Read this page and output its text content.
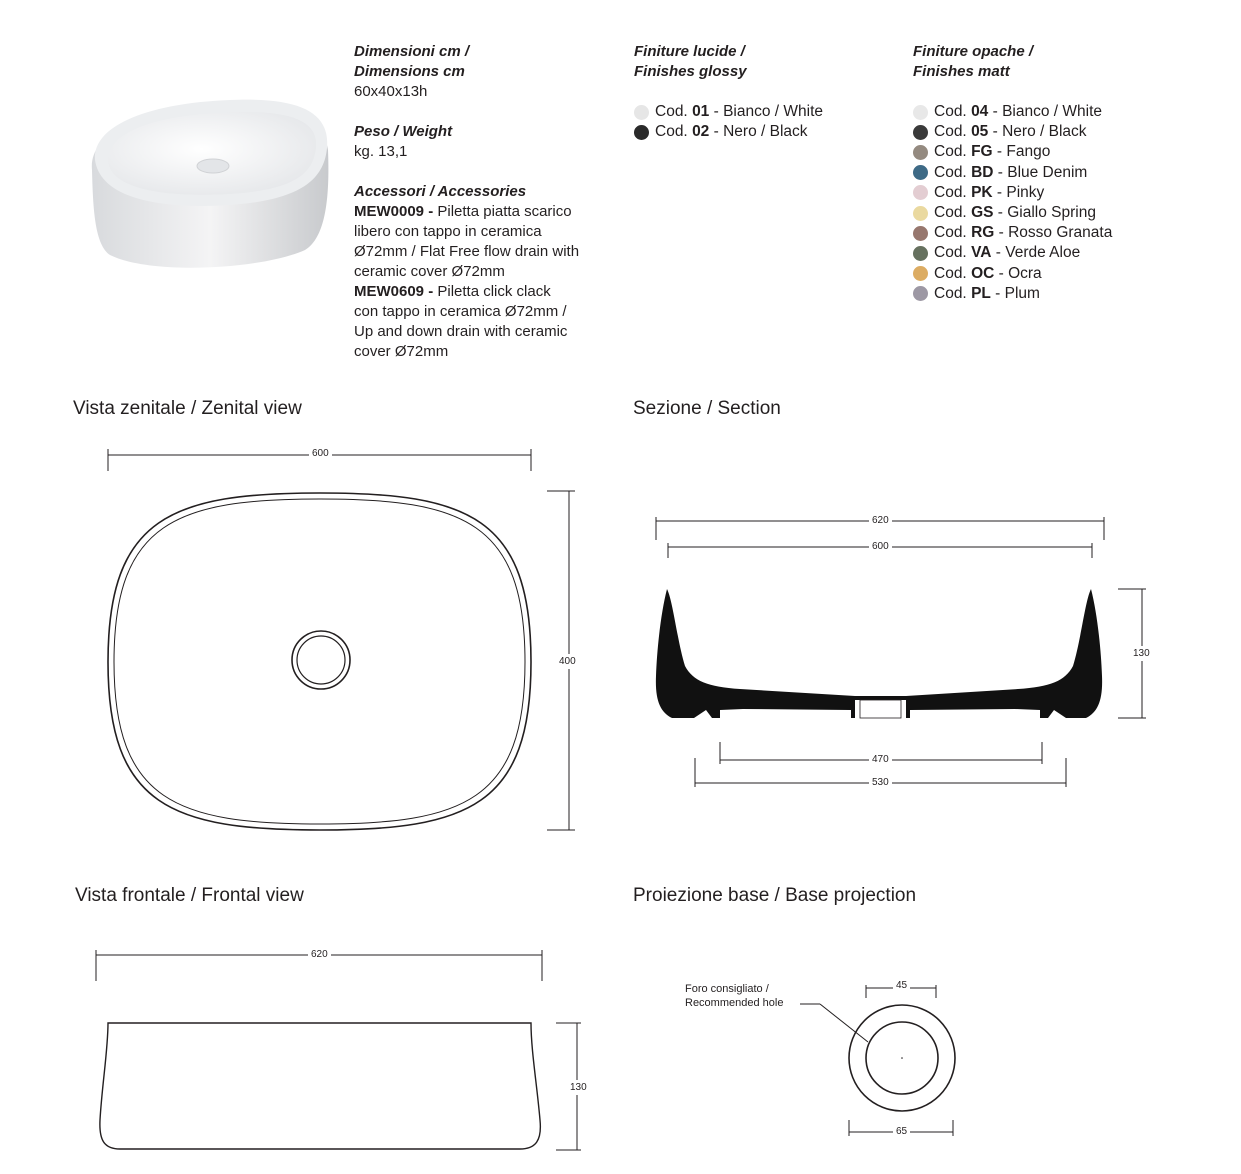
Dimensioni cm /
Dimensions cm
60x40x13h
Peso / Weight
kg. 13,1
Accessori / Accessories
MEW0009 - Piletta piatta scarico
libero con tappo in ceramica
Ø72mm / Flat Free flow drain with
ceramic cover Ø72mm
MEW0609 - Piletta click clack
con tappo in ceramica Ø72mm /
Up and down drain with ceramic
cover Ø72mm
Finiture lucide /
Finishes glossy
Cod.
01 - Bianco / White
Cod.
02 - Nero / Black
Finiture opache /
Finishes matt
Cod.
04 - Bianco / White
Cod.
05 - Nero / Black
Cod.
FG - Fango
Cod.
BD - Blue Denim
Cod.
PK - Pinky
Cod.
GS - Giallo Spring
Cod.
RG - Rosso Granata
Cod.
VA - Verde Aloe
Cod.
OC - Ocra
Cod.
PL - Plum
Vista zenitale / Zenital view	Sezione / Section
Vista frontale / Frontal view	Proiezione base / Base projection
600
400
620
600
130
470
530
620
130
45
65
Foro consigliato /
Recommended hole
